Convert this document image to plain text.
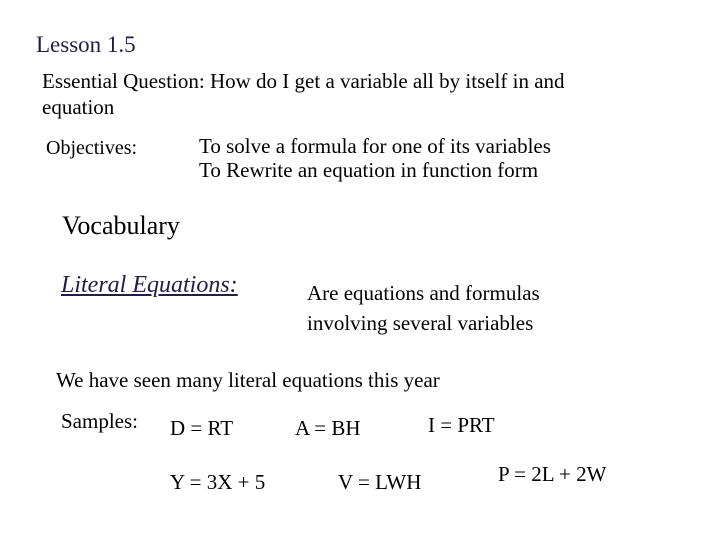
Lesson 1.5
Essential Question: How do I get a variable all by itself in and equation
Objectives:	To solve a formula for one of its variables
To Rewrite an equation in function form
Vocabulary
Literal Equations:	Are equations and formulas
involving several variables
We have seen many literal equations this year
Samples: D = RT	A = BH	I = PRT
Y = 3X + 5	V = LWH	P = 2L + 2W
